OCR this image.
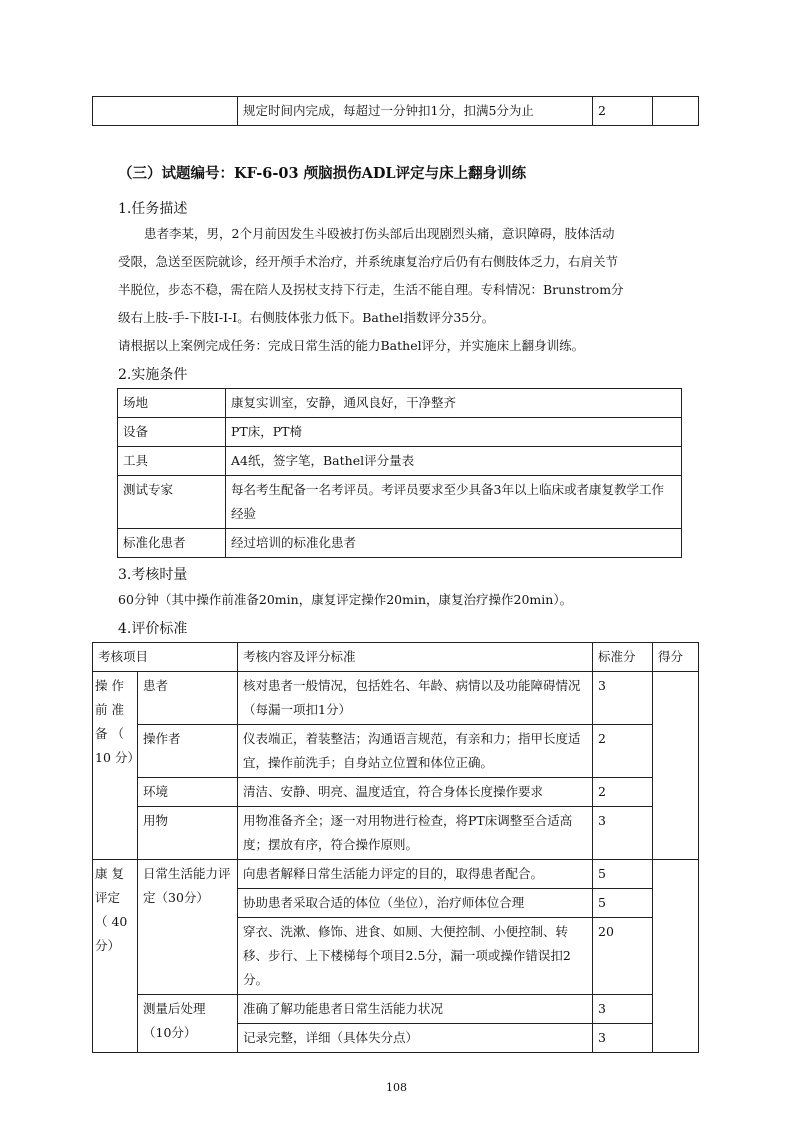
	规定时间内完成，每超过一分钟扣1分，扣满5分为止	2	
（三）试题编号：KF-6-03 颅脑损伤ADL评定与床上翻身训练
1.任务描述
患者李某，男，2个月前因发生斗殴被打伤头部后出现剧烈头痛，意识障碍，肢体活动
受限，急送至医院就诊，经开颅手术治疗，并系统康复治疗后仍有右侧肢体乏力，右肩关节
半脱位，步态不稳，需在陪人及拐杖支持下行走，生活不能自理。专科情况：Brunstrom分
级右上肢-手-下肢Ⅰ-Ⅰ-Ⅰ。右侧肢体张力低下。Bathel指数评分35分。
请根据以上案例完成任务：完成日常生活的能力Bathel评分，并实施床上翻身训练。
2.实施条件
场地	康复实训室，安静，通风良好，干净整齐
设备	PT床，PT椅
工具	A4纸，签字笔，Bathel评分量表
测试专家	每名考生配备一名考评员。考评员要求至少具备3年以上临床或者康复教学工作经验
标准化患者	经过培训的标准化患者
3.考核时量
60分钟（其中操作前准备20min，康复评定操作20min，康复治疗操作20min）。
4.评价标准
考核项目		考核内容及评分标准	标准分	得分
操 作 前 准 备 （ 10 分）	患者	核对患者一般情况，包括姓名、年龄、病情以及功能障碍情况（每漏一项扣1分）	3	
	操作者	仪表端正，着装整洁；沟通语言规范，有亲和力；指甲长度适宜，操作前洗手；自身站立位置和体位正确。	2	
	环境	清洁、安静、明亮、温度适宜，符合身体长度操作要求	2	
	用物	用物准备齐全；逐一对用物进行检查，将PT床调整至合适高度；摆放有序，符合操作原则。	3	
康 复 评定 （ 40 分）	日常生活能力评定（30分）	向患者解释日常生活能力评定的目的，取得患者配合。	5	
		协助患者采取合适的体位（坐位），治疗师体位合理	5	
		穿衣、洗漱、修饰、进食、如厕、大便控制、小便控制、转移、步行、上下楼梯每个项目2.5分，漏一项或操作错误扣2分。	20	
	测量后处理（10分）	准确了解功能患者日常生活能力状况	3	
		记录完整，详细（具体失分点）	3	
108
